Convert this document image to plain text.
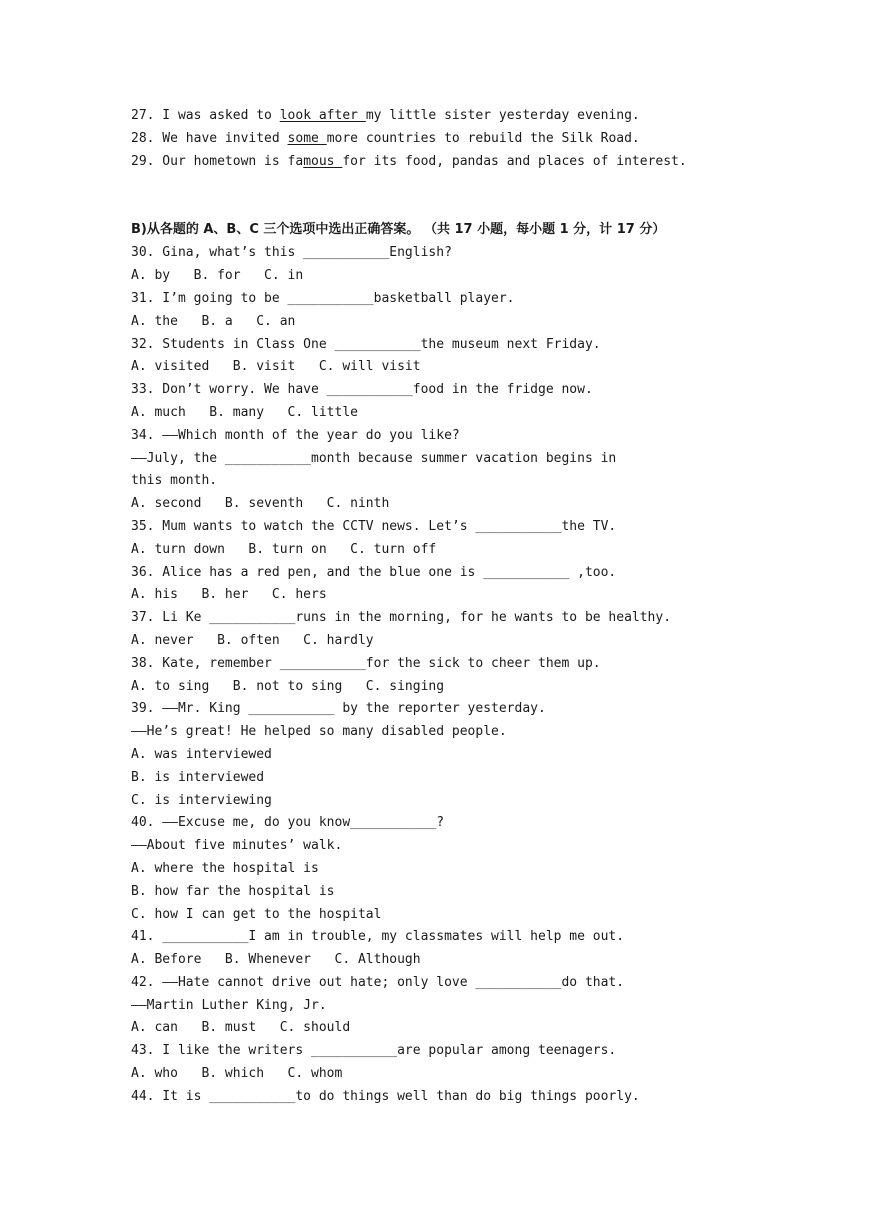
27. I was asked to look after my little sister yesterday evening.
28. We have invited some more countries to rebuild the Silk Road.
29. Our hometown is famous for its food, pandas and places of interest.
B)从各题的 A、B、C 三个选项中选出正确答案。 （共 17 小题，每小题 1 分，计 17 分）
30. Gina, what’s this ___________English?
A. by   B. for   C. in
31. I’m going to be ___________basketball player.
A. the   B. a   C. an
32. Students in Class One ___________the museum next Friday.
A. visited   B. visit   C. will visit
33. Don’t worry. We have ___________food in the fridge now.
A. much   B. many   C. little
34. ——Which month of the year do you like?
——July, the ___________month because summer vacation begins in
this month.
A. second   B. seventh   C. ninth
35. Mum wants to watch the CCTV news. Let’s ___________the TV.
A. turn down   B. turn on   C. turn off
36. Alice has a red pen, and the blue one is ___________ ,too.
A. his   B. her   C. hers
37. Li Ke ___________runs in the morning, for he wants to be healthy.
A. never   B. often   C. hardly
38. Kate, remember ___________for the sick to cheer them up.
A. to sing   B. not to sing   C. singing
39. ——Mr. King ___________ by the reporter yesterday.
——He’s great! He helped so many disabled people.
A. was interviewed
B. is interviewed
C. is interviewing
40. ——Excuse me, do you know___________?
——About five minutes’ walk.
A. where the hospital is
B. how far the hospital is
C. how I can get to the hospital
41. ___________I am in trouble, my classmates will help me out.
A. Before   B. Whenever   C. Although
42. ——Hate cannot drive out hate; only love ___________do that.
——Martin Luther King, Jr.
A. can   B. must   C. should
43. I like the writers ___________are popular among teenagers.
A. who   B. which   C. whom
44. It is ___________to do things well than do big things poorly.
